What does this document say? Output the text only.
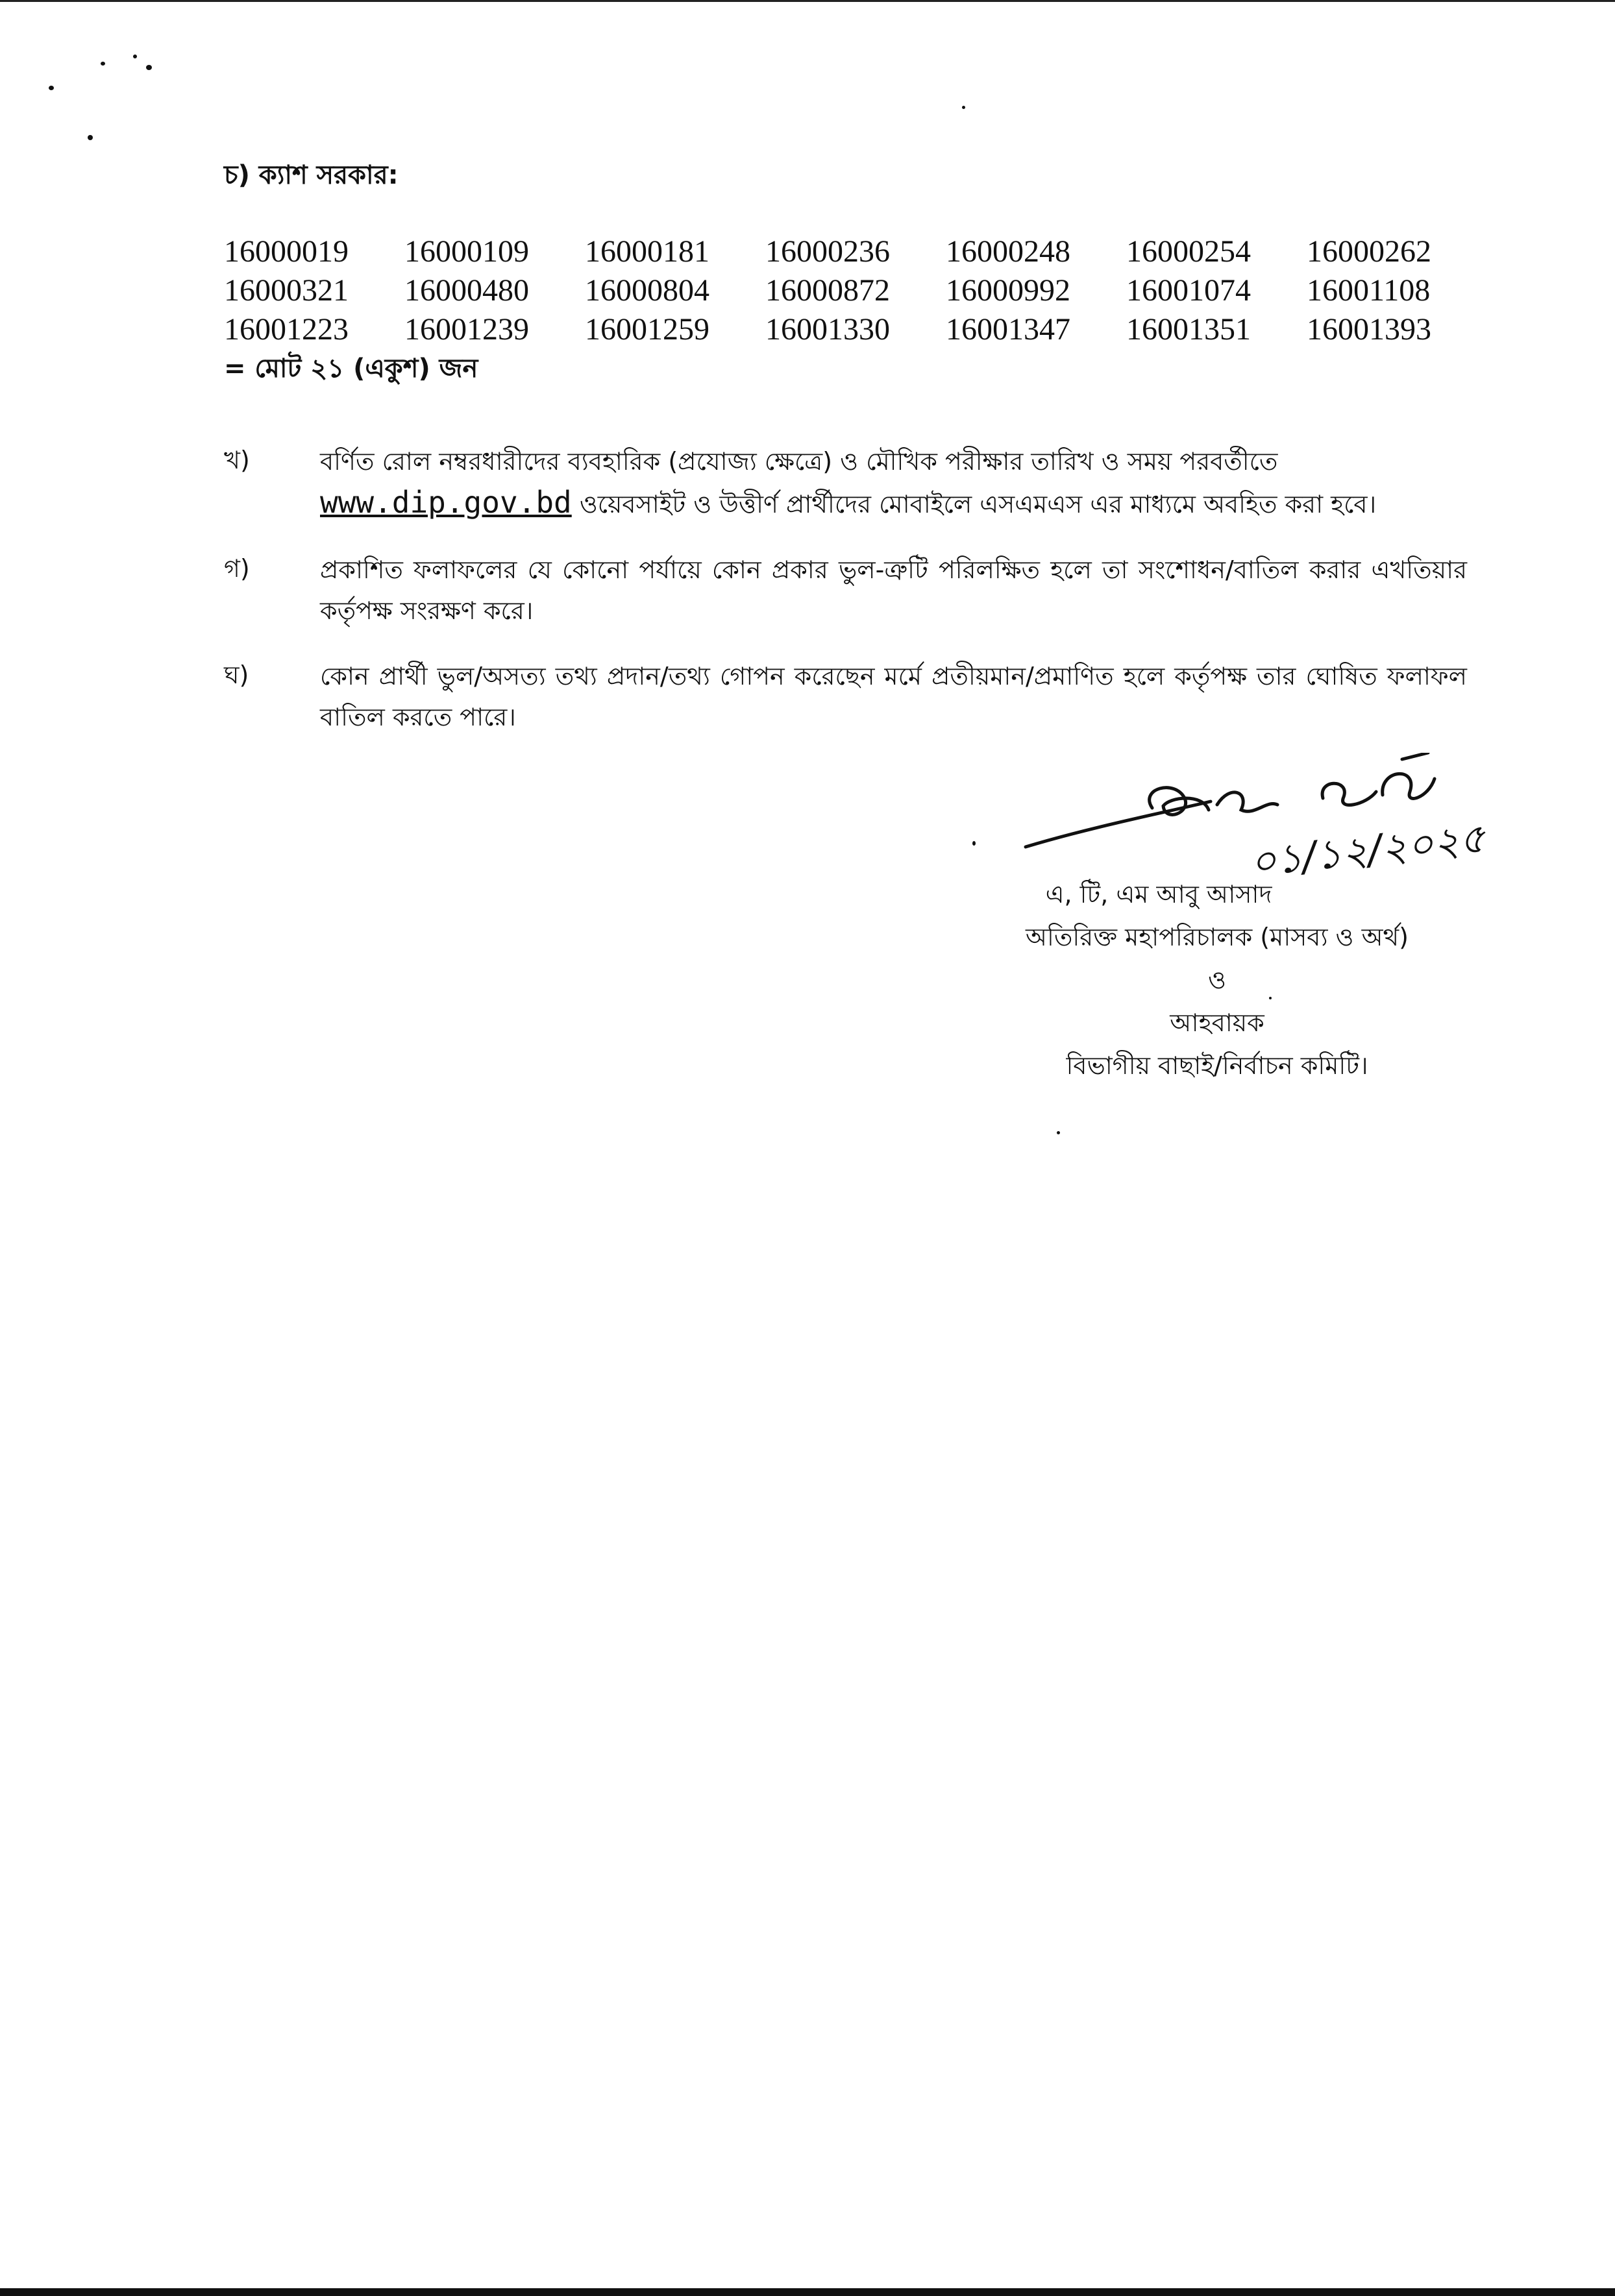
চ) ক্যাশ সরকার:
16000019	16000109	16000181	16000236	16000248	16000254	16000262
16000321	16000480	16000804	16000872	16000992	16001074	16001108
16001223	16001239	16001259	16001330	16001347	16001351	16001393
= মোট ২১ (একুশ) জন
খ)	বর্ণিত রোল নম্বরধারীদের ব্যবহারিক (প্রযোজ্য ক্ষেত্রে) ও মৌখিক পরীক্ষার তারিখ ও সময় পরবর্তীতে
www.dip.gov.bd ওয়েবসাইট ও উত্তীর্ণ প্রার্থীদের মোবাইলে এসএমএস এর মাধ্যমে অবহিত করা হবে।
গ)	প্রকাশিত ফলাফলের যে কোনো পর্যায়ে কোন প্রকার ভুল-ত্রুটি পরিলক্ষিত হলে তা সংশোধন/বাতিল করার এখতিয়ার কর্তৃপক্ষ সংরক্ষণ করে।
ঘ)	কোন প্রার্থী ভুল/অসত্য তথ্য প্রদান/তথ্য গোপন করেছেন মর্মে প্রতীয়মান/প্রমাণিত হলে কর্তৃপক্ষ তার ঘোষিত ফলাফল বাতিল করতে পারে।
০১/১২/২০২৫
এ, টি, এম আবু আসাদ
অতিরিক্ত মহাপরিচালক (মাসব্য ও অর্থ)
ও
আহবায়ক
বিভাগীয় বাছাই/নির্বাচন কমিটি।
